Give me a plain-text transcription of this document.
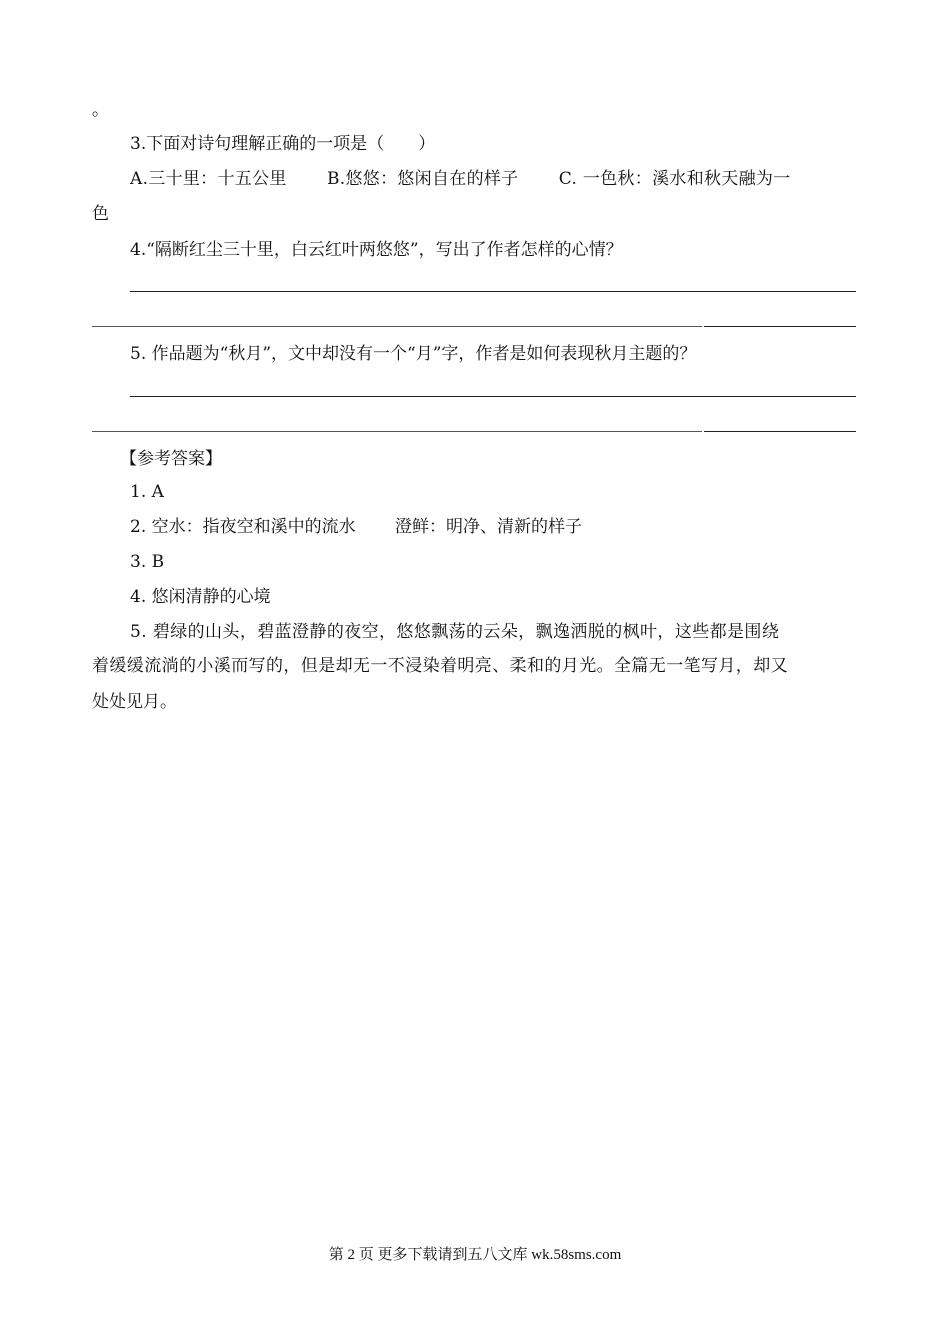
。
3.下面对诗句理解正确的一项是（　　）
A.三十里：十五公里　　 B.悠悠：悠闲自在的样子　　 C. 一色秋：溪水和秋天融为一
色
4.“隔断红尘三十里，白云红叶两悠悠”，写出了作者怎样的心情？
5. 作品题为“秋月”，文中却没有一个“月”字，作者是如何表现秋月主题的？
【参考答案】
1. A
2. 空水：指夜空和溪中的流水　　 澄鲜：明净、清新的样子
3. B
4. 悠闲清静的心境
5. 碧绿的山头，碧蓝澄静的夜空，悠悠飘荡的云朵，飘逸洒脱的枫叶，这些都是围绕
着缓缓流淌的小溪而写的，但是却无一不浸染着明亮、柔和的月光。全篇无一笔写月，却又
处处见月。
第 2 页 更多下载请到五八文库 wk.58sms.com
